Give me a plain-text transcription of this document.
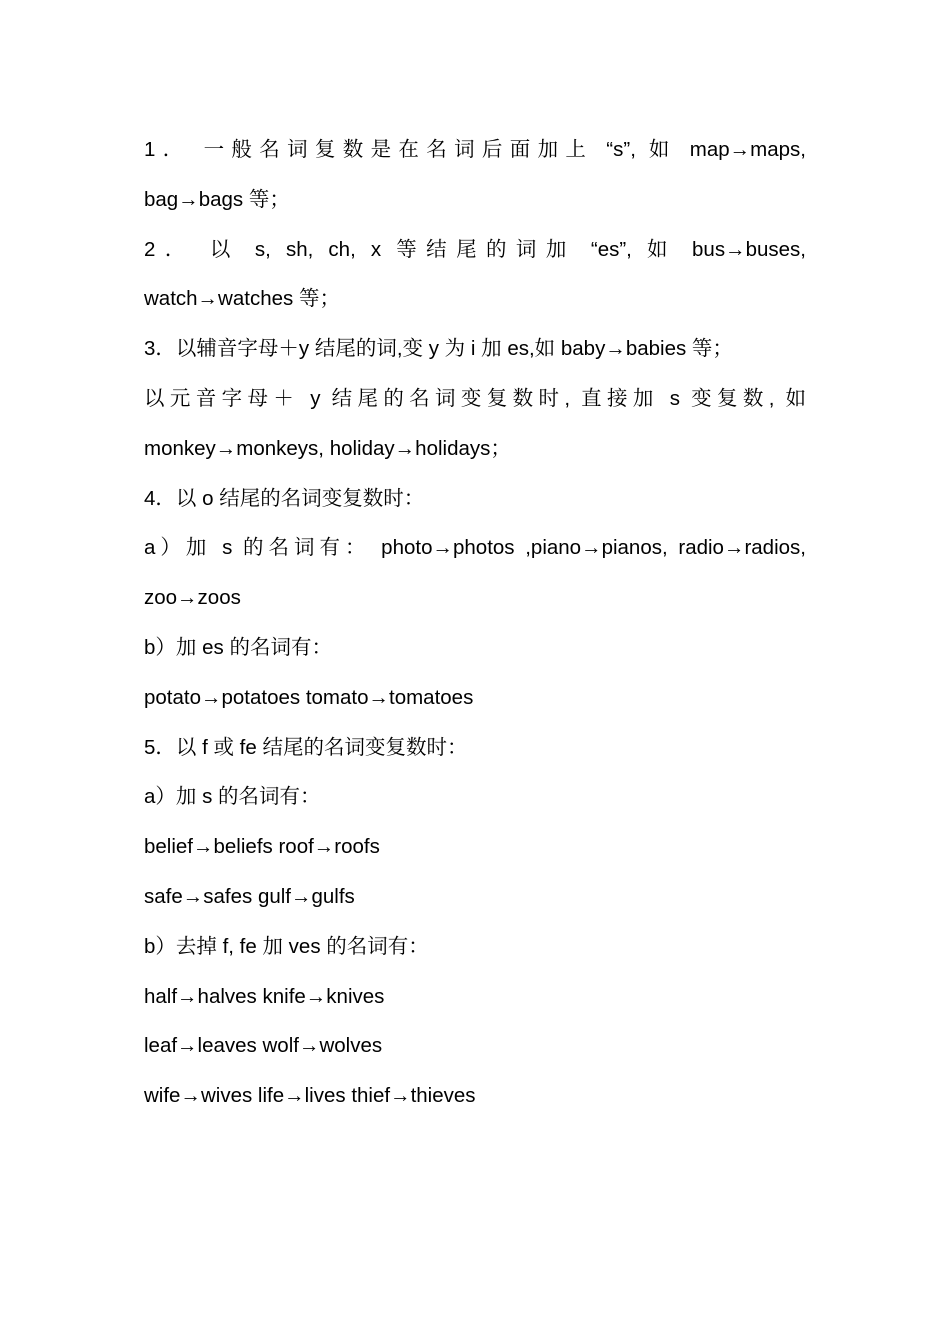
1． 一般名词复数是在名词后面加上 “s”, 如 map→maps,
bag→bags 等；
2． 以 s, sh, ch, x 等结尾的词加 “es”, 如 bus→buses,
watch→watches 等；
3．以辅音字母＋y 结尾的词,变 y 为 i 加 es,如 baby→babies 等；
以元音字母＋ y 结尾的名词变复数时, 直接加 s 变复数, 如
monkey→monkeys, holiday→holidays；
4．以 o 结尾的名词变复数时：
a）加 s 的名词有： photo→photos ,piano→pianos, radio→radios,
zoo→zoos
b）加 es 的名词有：
potato→potatoes tomato→tomatoes
5．以 f 或 fe 结尾的名词变复数时：
a）加 s 的名词有：
belief→beliefs roof→roofs
safe→safes gulf→gulfs
b）去掉 f, fe 加 ves 的名词有：
half→halves knife→knives
leaf→leaves wolf→wolves
wife→wives life→lives thief→thieves
